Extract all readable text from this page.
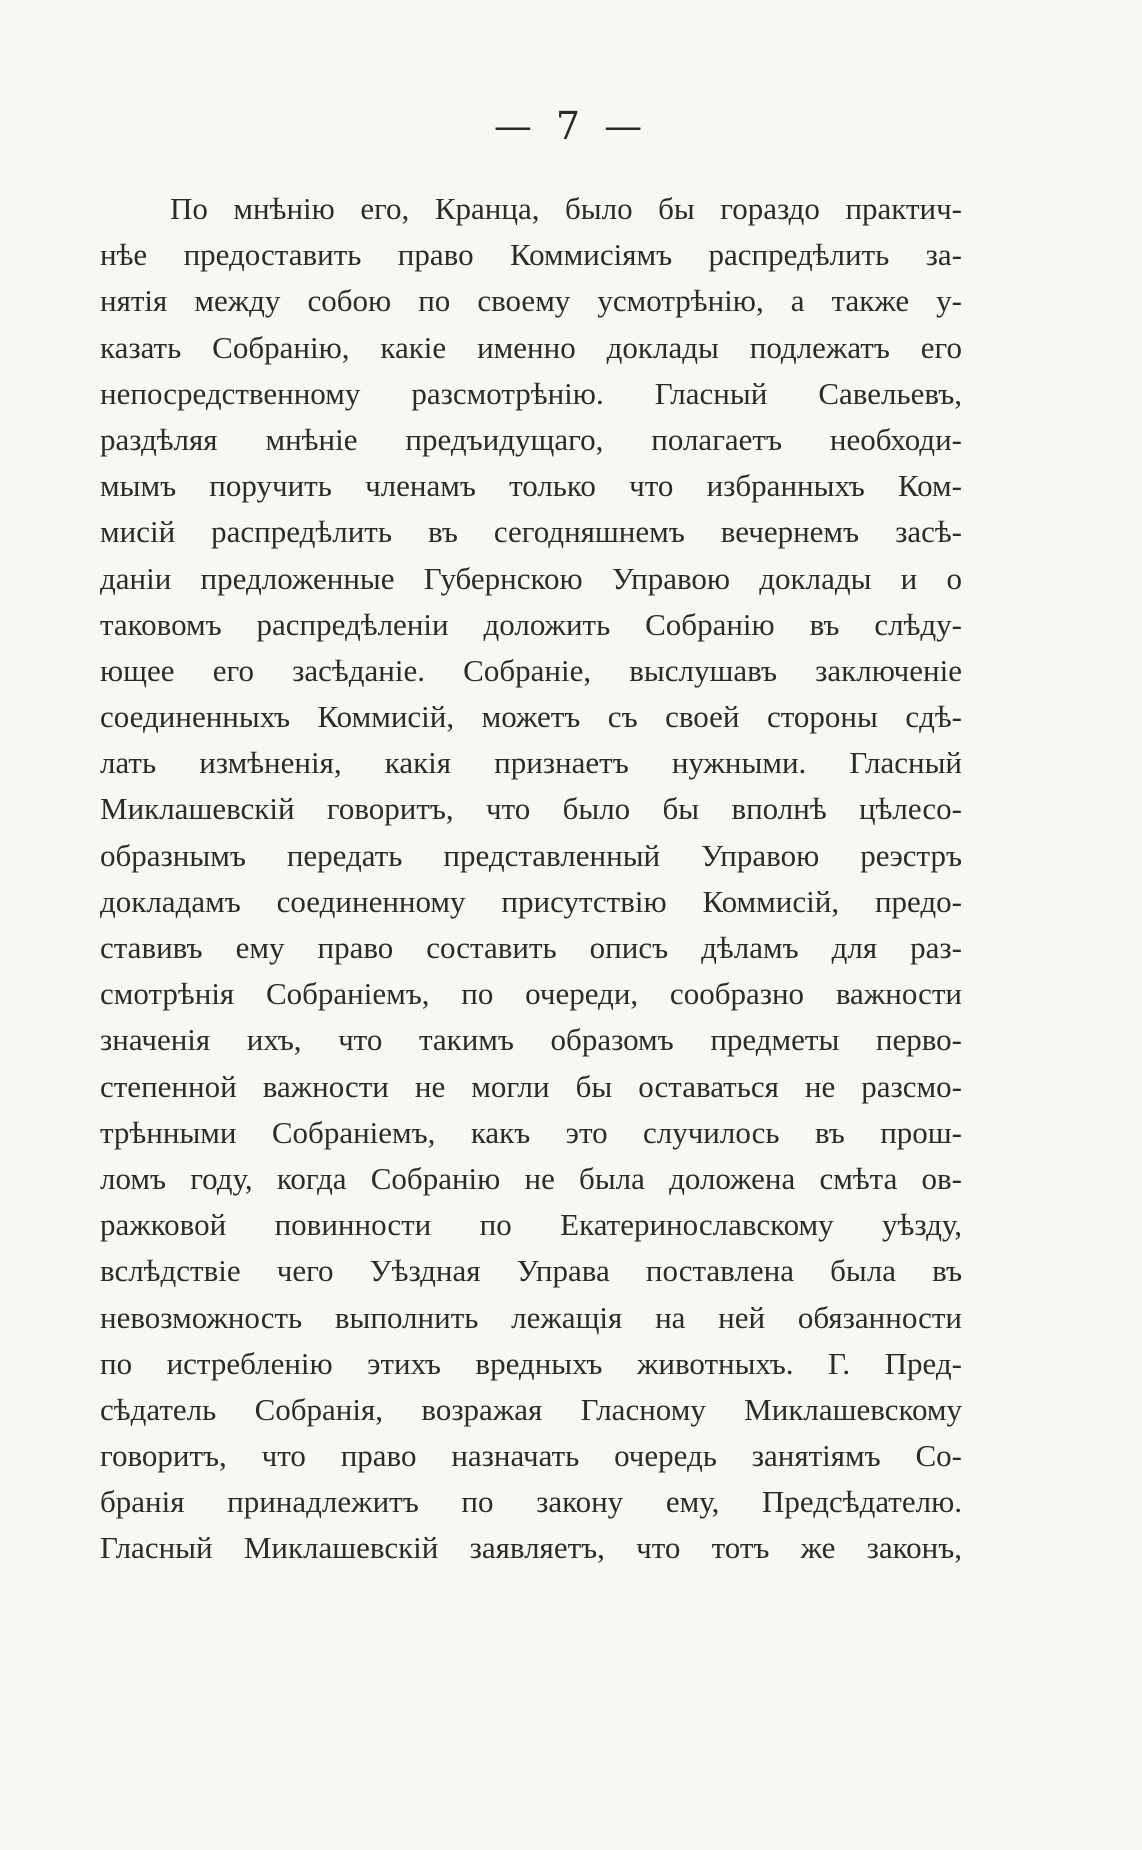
— 7 —
По мнѣнію его, Кранца, было бы гораздо практич-
нѣе предоставить право Коммисіямъ распредѣлить за-
нятія между собою по своему усмотрѣнію, а также у-
казать Собранію, какіе именно доклады подлежатъ его
непосредственному разсмотрѣнію. Гласный Савельевъ,
раздѣляя мнѣніе предъидущаго, полагаетъ необходи-
мымъ поручить членамъ только что избранныхъ Ком-
мисій распредѣлить въ сегодняшнемъ вечернемъ засѣ-
даніи предложенные Губернскою Управою доклады и о
таковомъ распредѣленіи доложить Собранію въ слѣду-
ющее его засѣданіе. Собраніе, выслушавъ заключеніе
соединенныхъ Коммисій, можетъ съ своей стороны сдѣ-
лать измѣненія, какія признаетъ нужными. Гласный
Миклашевскій говоритъ, что было бы вполнѣ цѣлесо-
образнымъ передать представленный Управою реэстръ
докладамъ соединенному присутствію Коммисій, предо-
ставивъ ему право составить описъ дѣламъ для раз-
смотрѣнія Собраніемъ, по очереди, сообразно важности
значенія ихъ, что такимъ образомъ предметы перво-
степенной важности не могли бы оставаться не разсмо-
трѣнными Собраніемъ, какъ это случилось въ прош-
ломъ году, когда Собранію не была доложена смѣта ов-
ражковой повинности по Екатеринославскому уѣзду,
вслѣдствіе чего Уѣздная Управа поставлена была въ
невозможность выполнить лежащія на ней обязанности
по истребленію этихъ вредныхъ животныхъ. Г. Пред-
сѣдатель Собранія, возражая Гласному Миклашевскому
говоритъ, что право назначать очередь занятіямъ Со-
бранія принадлежитъ по закону ему, Предсѣдателю.
Гласный Миклашевскій заявляетъ, что тотъ же законъ,
